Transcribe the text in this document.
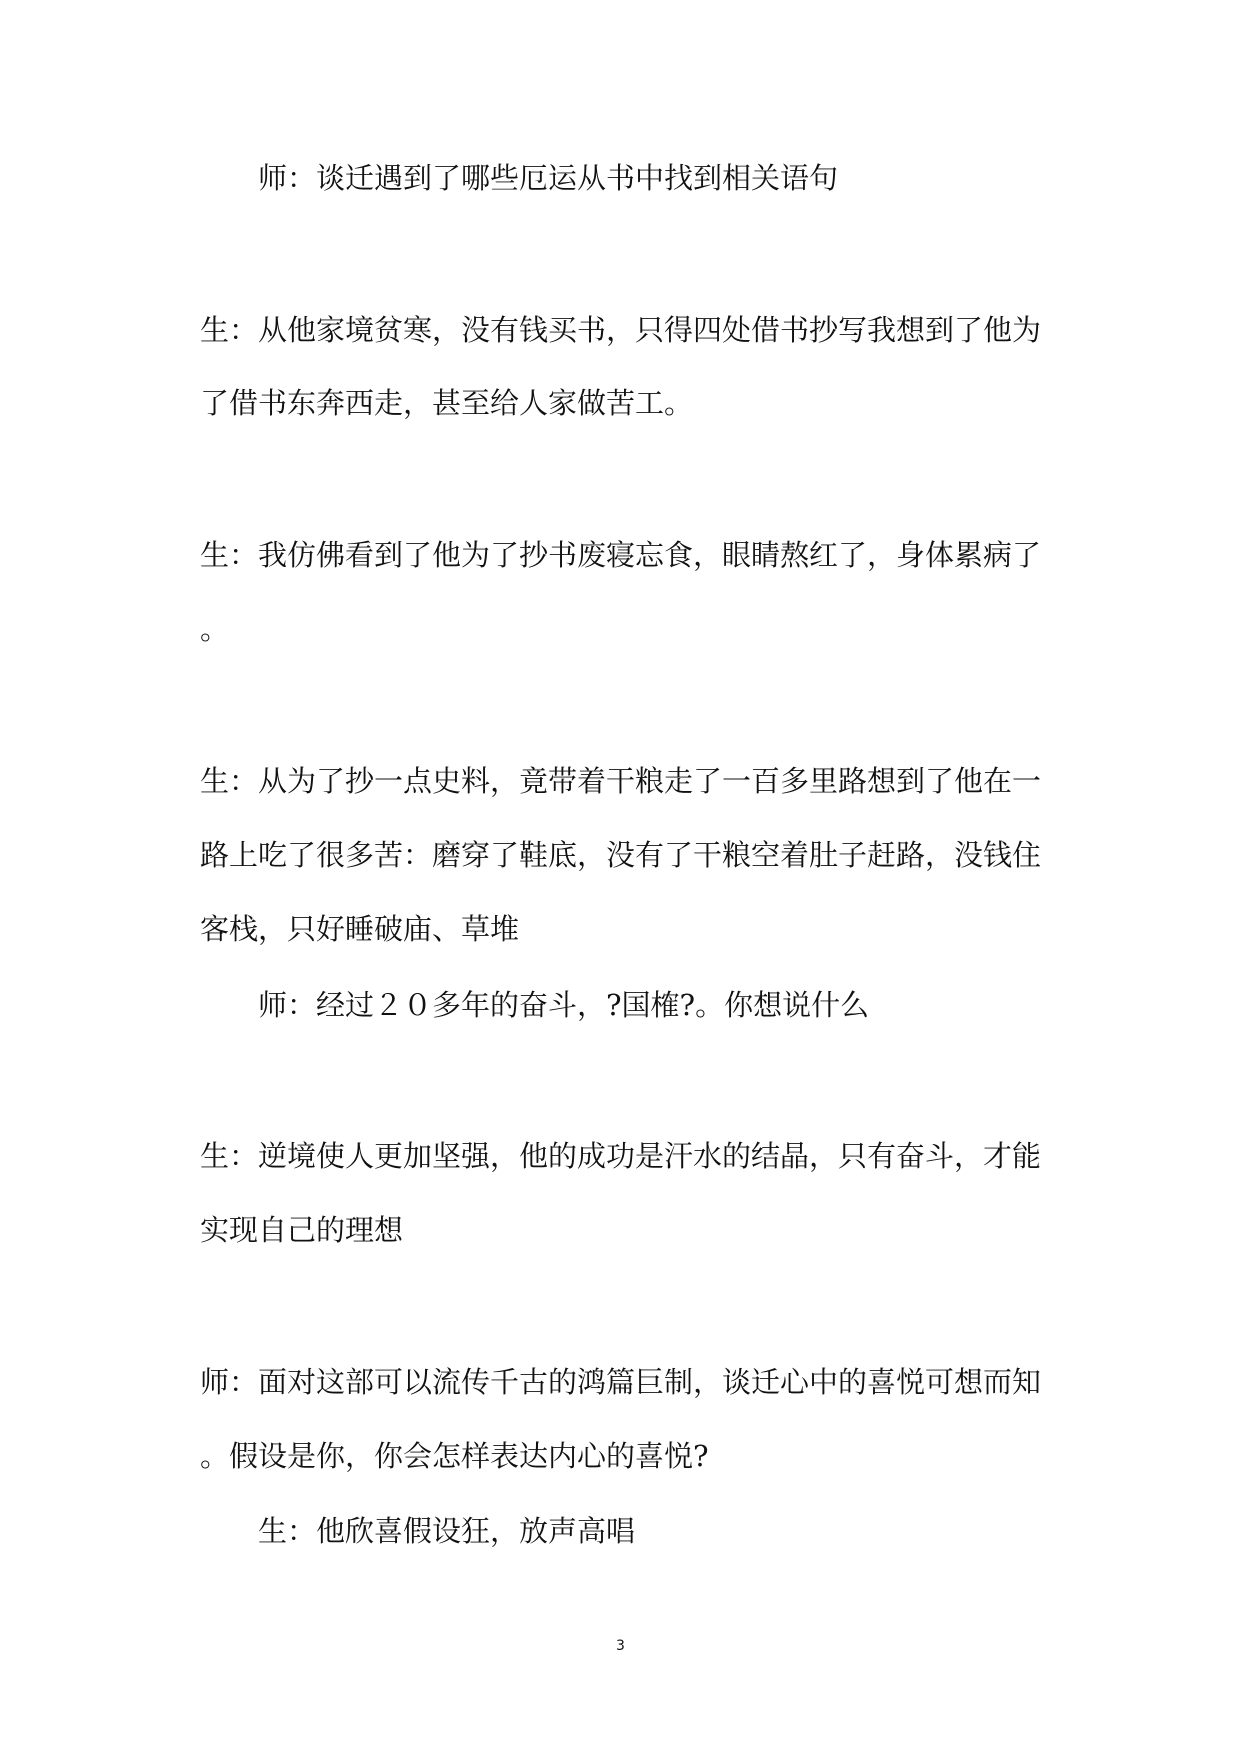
师：谈迁遇到了哪些厄运从书中找到相关语句
生：从他家境贫寒，没有钱买书，只得四处借书抄写我想到了他为
了借书东奔西走，甚至给人家做苦工。
生：我仿佛看到了他为了抄书废寝忘食，眼睛熬红了，身体累病了
。
生：从为了抄一点史料，竟带着干粮走了一百多里路想到了他在一
路上吃了很多苦：磨穿了鞋底，没有了干粮空着肚子赶路，没钱住
客栈，只好睡破庙、草堆
师：经过２０多年的奋斗，?国榷?。你想说什么
生：逆境使人更加坚强，他的成功是汗水的结晶，只有奋斗，才能
实现自己的理想
师：面对这部可以流传千古的鸿篇巨制，谈迁心中的喜悦可想而知
。假设是你，你会怎样表达内心的喜悦?
生：他欣喜假设狂，放声高唱
3
